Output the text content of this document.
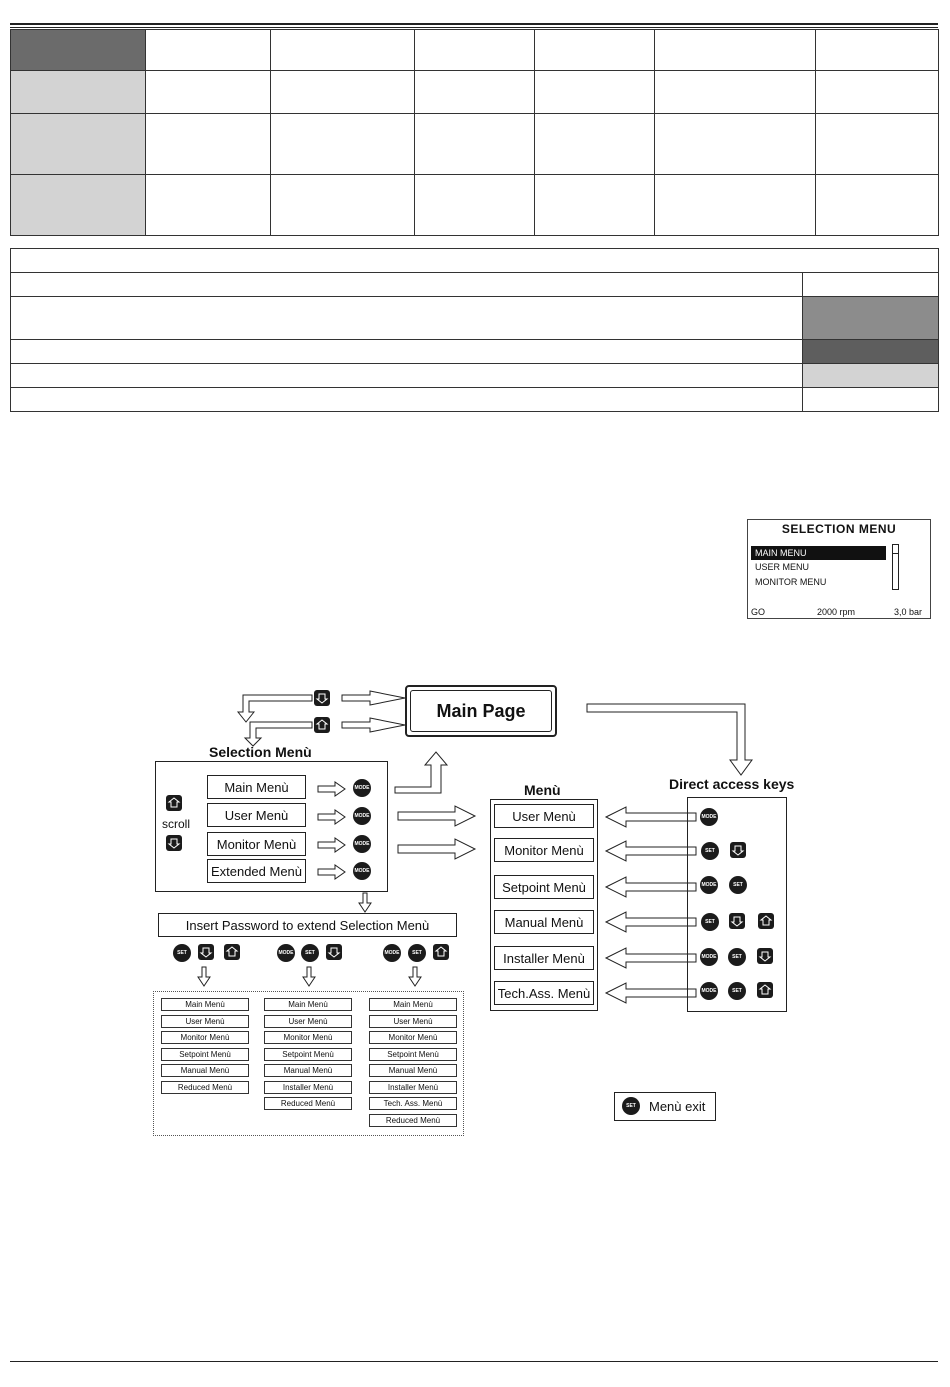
SELECTION MENU
MAIN MENU
USER MENU
MONITOR MENU
GO	2000 rpm	3,0 bar
Main Page
Selection Menù
scroll
Main Menù
User Menù
Monitor Menù
Extended Menù
MODE
MODE
MODE
MODE
Insert Password to extend Selection Menù
SET	MODE	SET	MODE	SET
Main Menù
User Menù
Monitor Menù
Setpoint Menù
Manual Menù
Reduced Menù
Main Menù
User Menù
Monitor Menù
Setpoint Menù
Manual Menù
Installer Menù
Reduced Menù
Main Menù
User Menù
Monitor Menù
Setpoint Menù
Manual Menù
Installer Menù
Tech. Ass. Menù
Reduced Menù
Menù
User Menù
Monitor Menù
Setpoint Menù
Manual Menù
Installer Menù
Tech.Ass. Menù
Direct access keys
MODE
SET
MODE	SET
SET
MODE	SET
MODE	SET
Menù exit
SET
